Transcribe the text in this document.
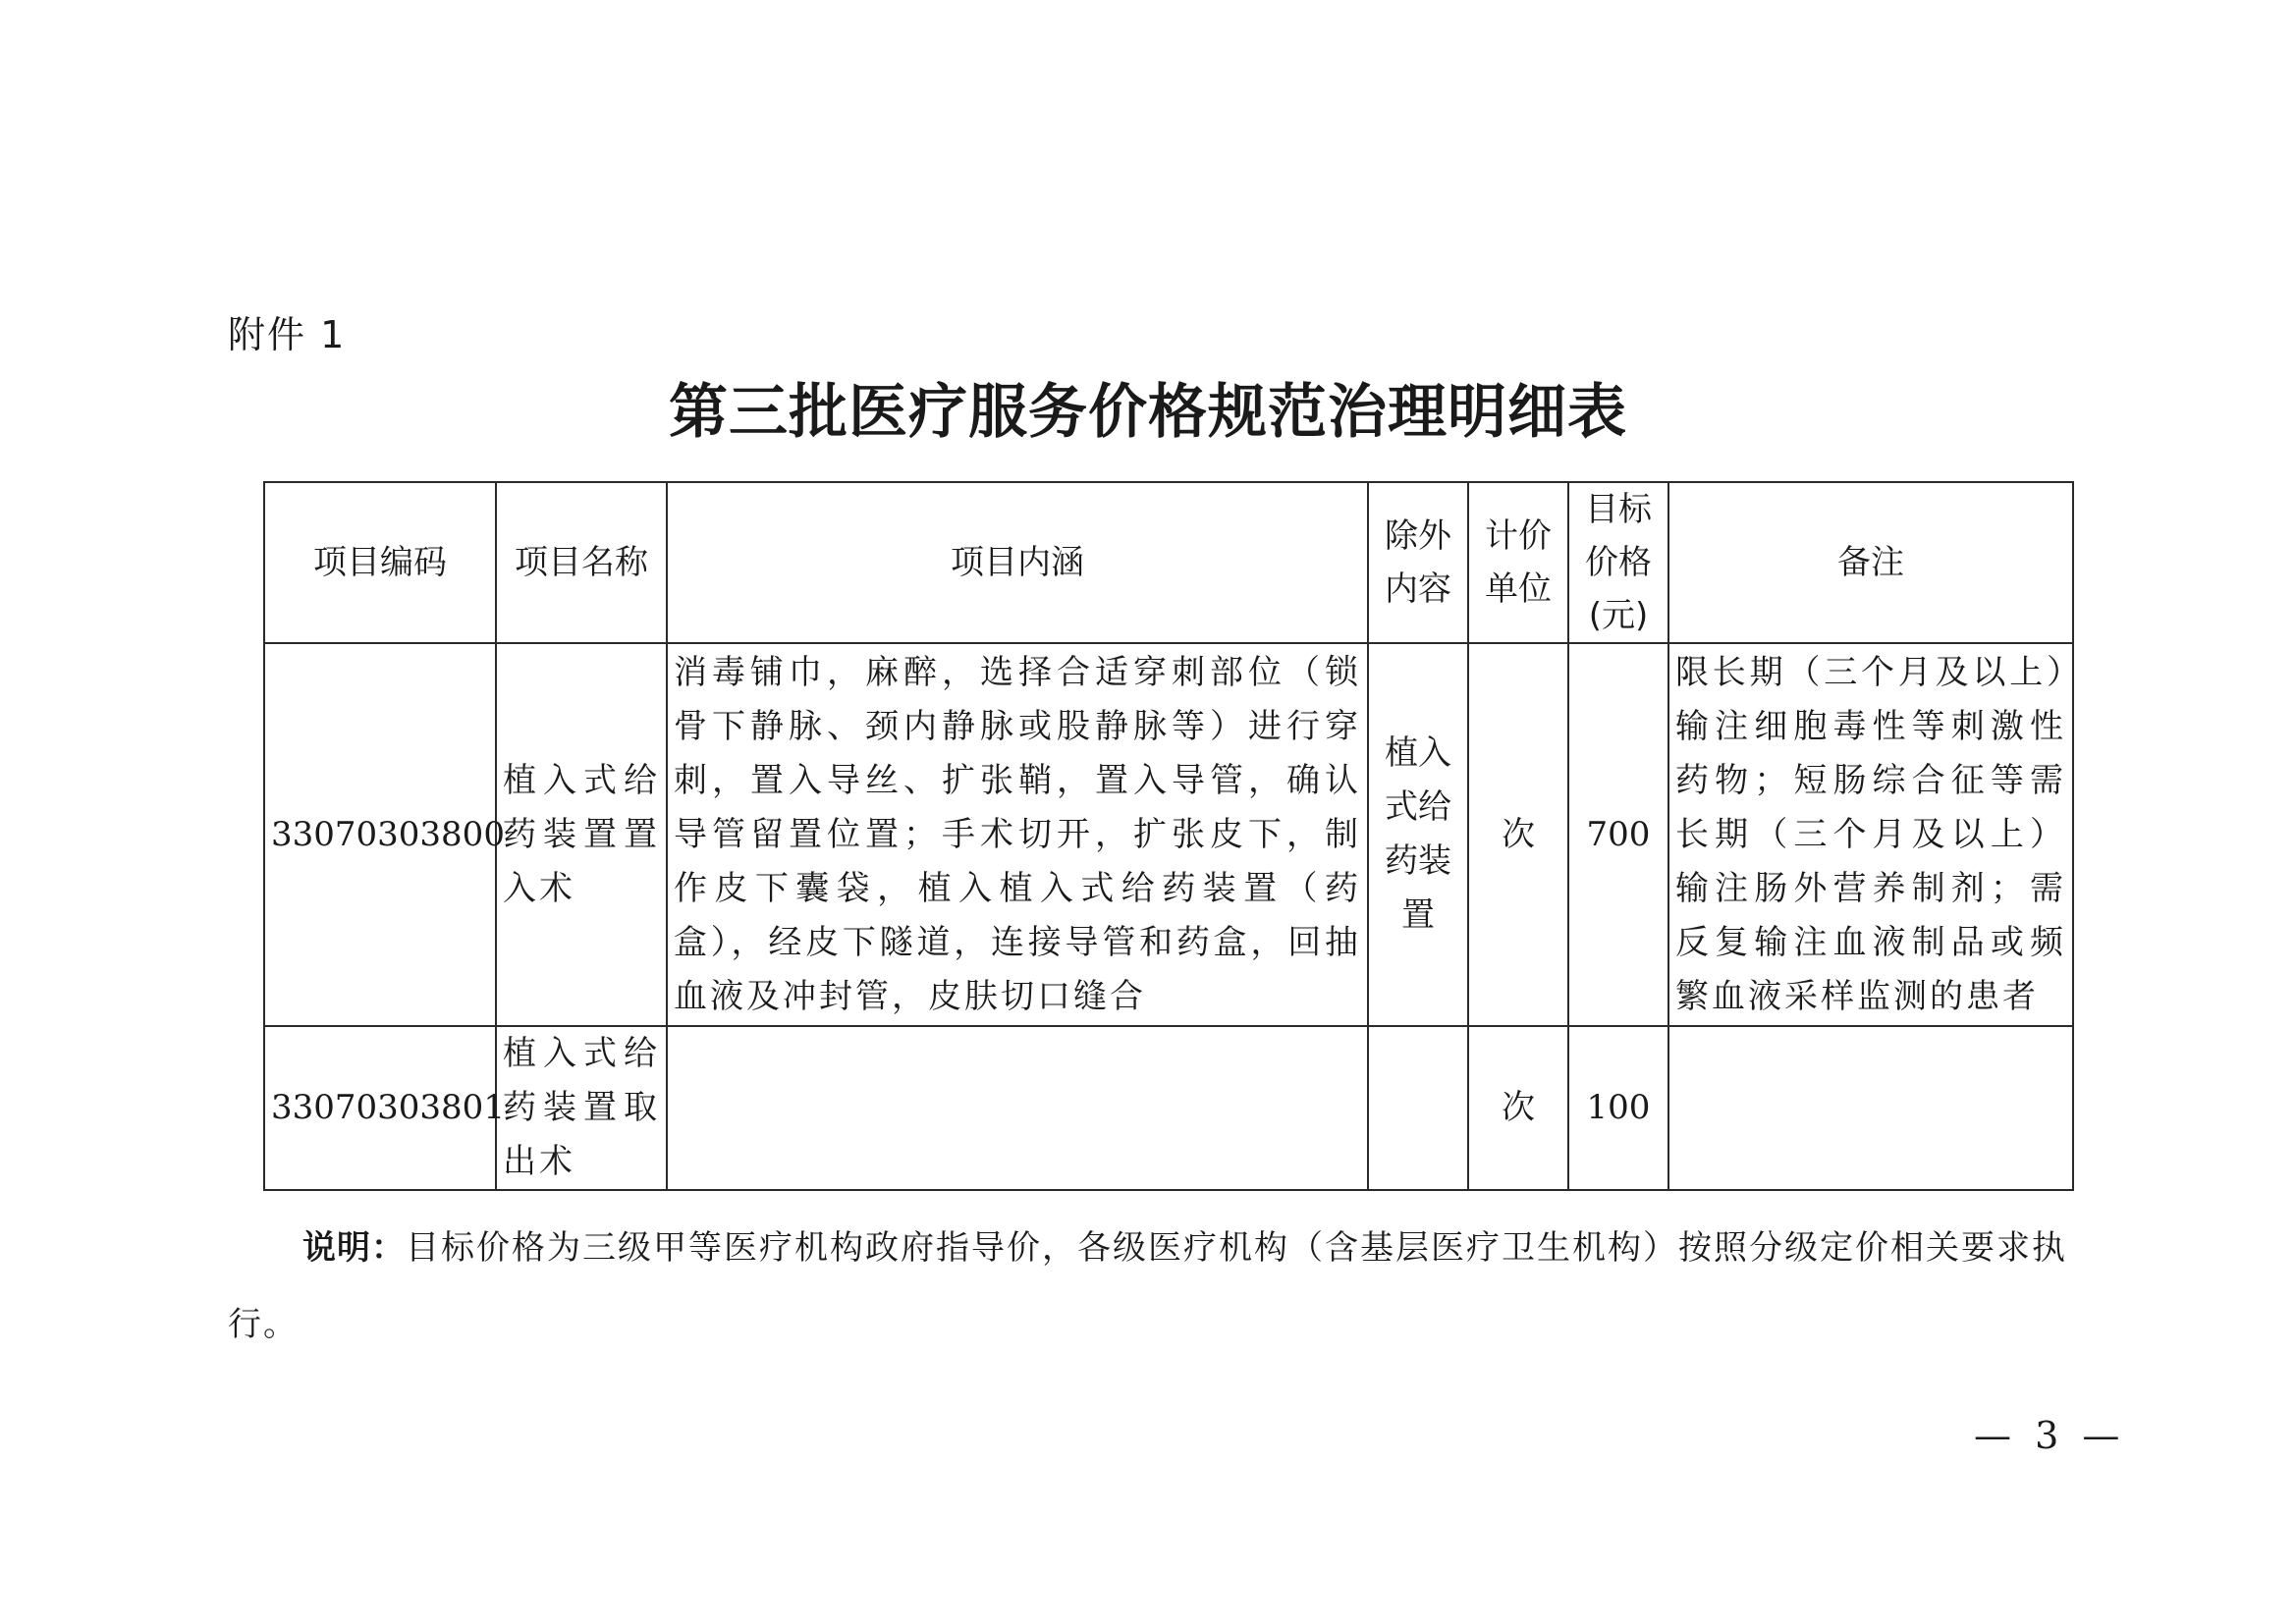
附件 1
第三批医疗服务价格规范治理明细表
项目编码	项目名称	项目内涵	除外内容	计价单位	目标价格(元)	备注
33070303800	植入式给药装置置入术	消毒铺巾，麻醉，选择合适穿刺部位（锁骨下静脉、颈内静脉或股静脉等）进行穿刺，置入导丝、扩张鞘，置入导管，确认导管留置位置；手术切开，扩张皮下，制作皮下囊袋，植入植入式给药装置（药盒），经皮下隧道，连接导管和药盒，回抽血液及冲封管，皮肤切口缝合	植入式给药装置	次	700	限长期（三个月及以上）输注细胞毒性等刺激性药物；短肠综合征等需长期（三个月及以上）输注肠外营养制剂；需反复输注血液制品或频繁血液采样监测的患者
33070303801	植入式给药装置取出术			次	100	
说明：目标价格为三级甲等医疗机构政府指导价，各级医疗机构（含基层医疗卫生机构）按照分级定价相关要求执行。
— 3 —
